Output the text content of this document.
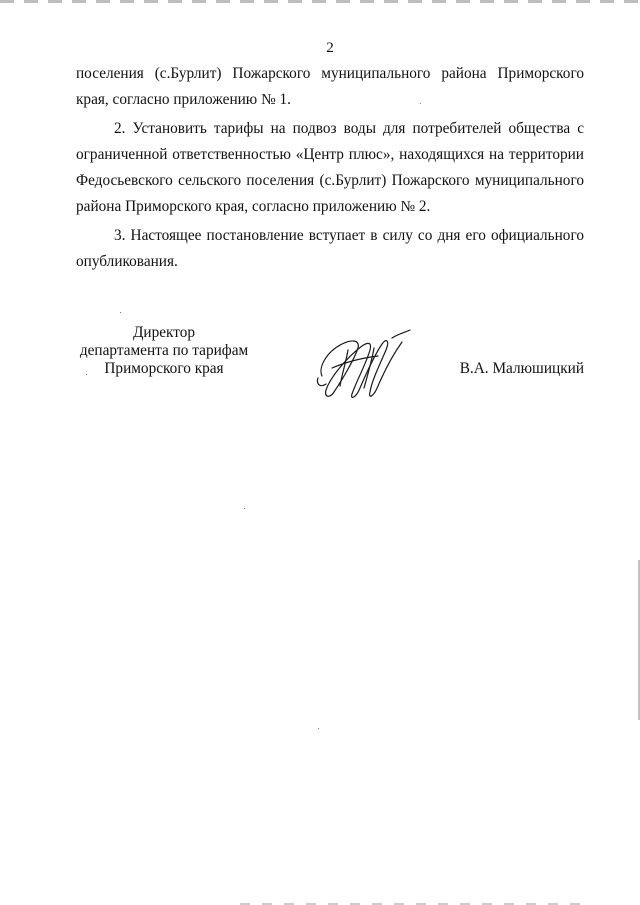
2

поселения (с.Бурлит) Пожарского муниципального района Приморского края, согласно приложению № 1.

2. Установить тарифы на подвоз воды для потребителей общества с ограниченной ответственностью «Центр плюс», находящихся на территории Федосьевского сельского поселения (с.Бурлит) Пожарского муниципального района Приморского края, согласно приложению № 2.

3. Настоящее постановление вступает в силу со дня его официального опубликования.

Директор
департамента по тарифам
Приморского края	В.А. Малюшицкий
